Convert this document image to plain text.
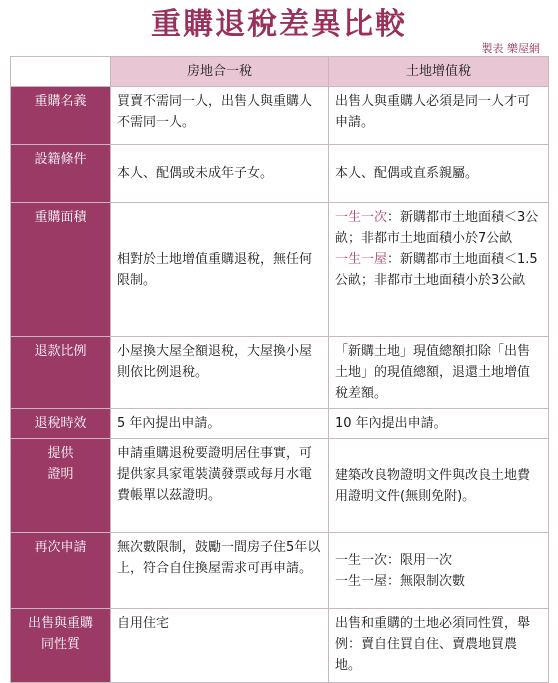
重購退稅差異比較
製表 樂屋網
	房地合一稅	土地增值稅
重購名義	買賣不需同一人，出售人與重購人不需同一人。	出售人與重購人必須是同一人才可申請。
設籍條件	本人、配偶或未成年子女。	本人、配偶或直系親屬。
重購面積	相對於土地增值重購退稅，無任何限制。	一生一次：新購都市土地面積＜3公畝；非都市土地面積小於7公畝
一生一屋：新購都市土地面積＜1.5公畝；非都市土地面積小於3公畝
退款比例	小屋換大屋全額退稅，大屋換小屋則依比例退稅。	「新購土地」現值總額扣除「出售土地」的現值總額，退還土地增值稅差額。
退稅時效	5 年內提出申請。	10 年內提出申請。
提供
證明	申請重購退稅要證明居住事實，可提供家具家電裝潢發票或每月水電費帳單以茲證明。	建築改良物證明文件與改良土地費用證明文件(無則免附)。
再次申請	無次數限制，鼓勵一間房子住5年以上，符合自住換屋需求可再申請。	一生一次：限用一次
一生一屋：無限制次數
出售與重購
同性質	自用住宅	出售和重購的土地必須同性質，舉例：賣自住買自住、賣農地買農地。
